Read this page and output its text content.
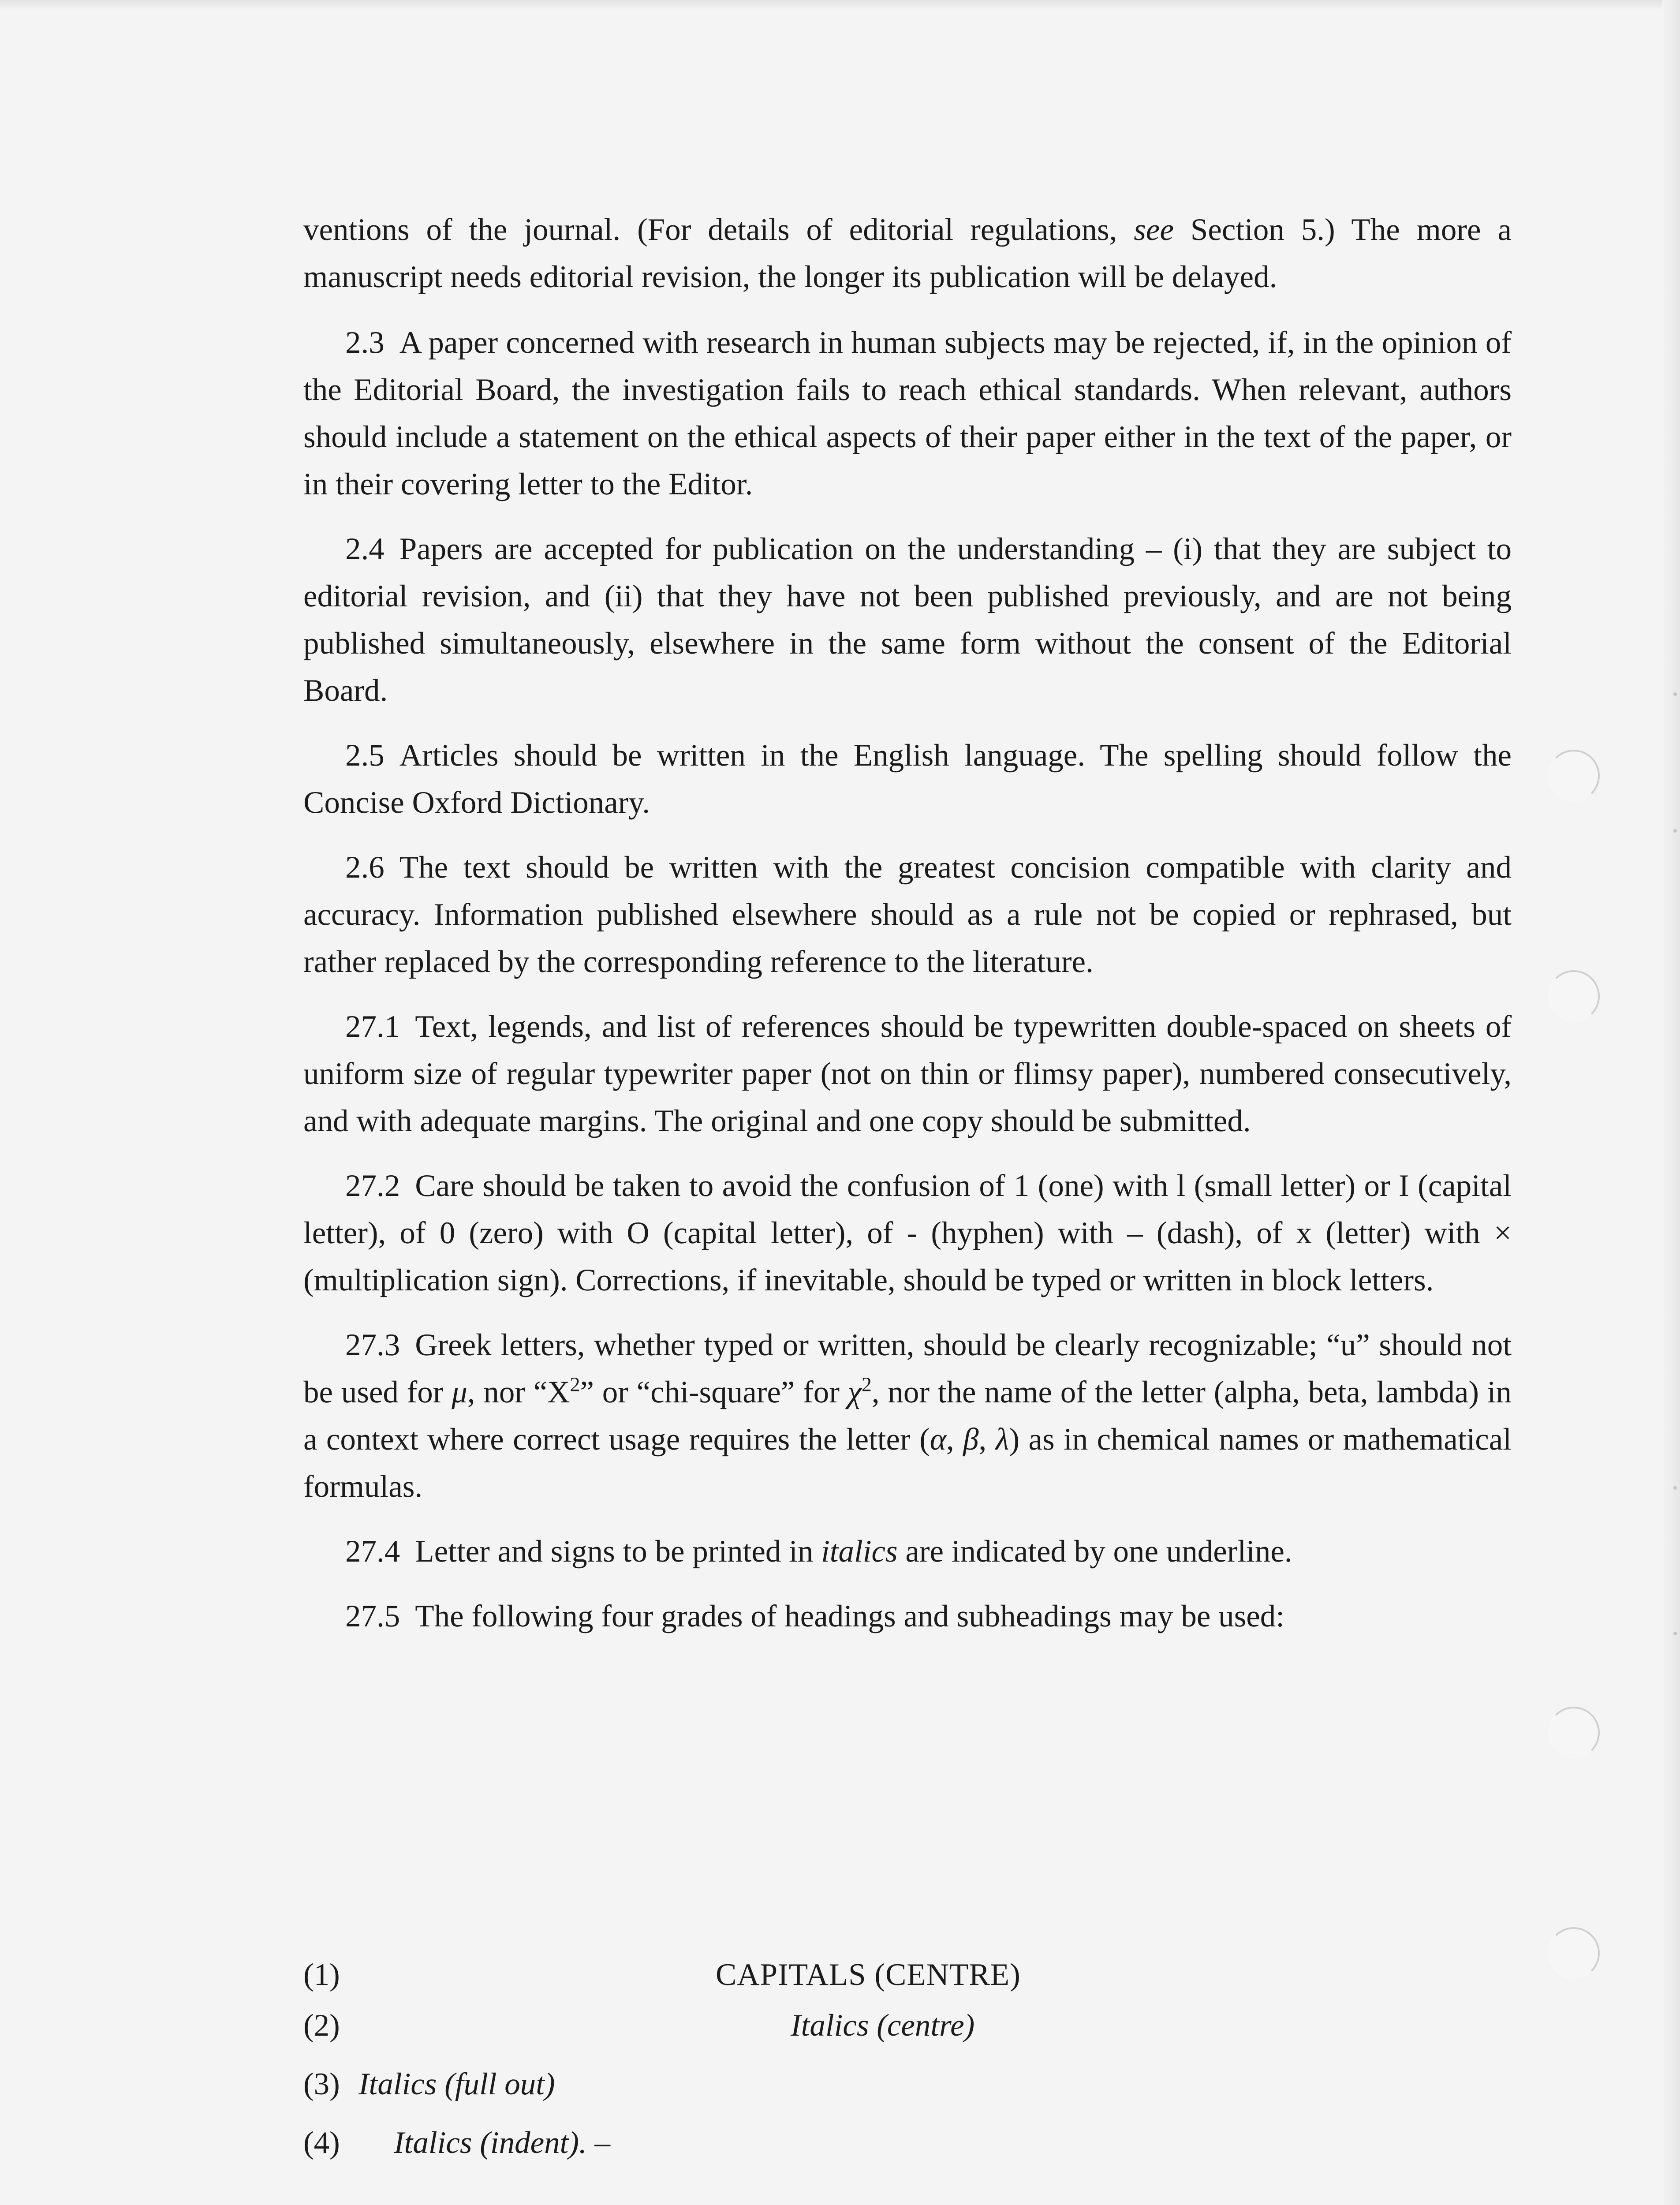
ventions of the journal. (For details of editorial regulations, see Section 5.) The more a manuscript needs editorial revision, the longer its publication will be delayed.

2.3 A paper concerned with research in human subjects may be rejected, if, in the opinion of the Editorial Board, the investigation fails to reach ethical standards. When relevant, authors should include a statement on the ethical aspects of their paper either in the text of the paper, or in their covering letter to the Editor.

2.4 Papers are accepted for publication on the understanding – (i) that they are subject to editorial revision, and (ii) that they have not been published previously, and are not being published simultaneously, elsewhere in the same form without the consent of the Editorial Board.

2.5 Articles should be written in the English language. The spelling should follow the Concise Oxford Dictionary.

2.6 The text should be written with the greatest concision compatible with clarity and accuracy. Information published elsewhere should as a rule not be copied or rephrased, but rather replaced by the corresponding reference to the literature.

27.1 Text, legends, and list of references should be typewritten double-spaced on sheets of uniform size of regular typewriter paper (not on thin or flimsy paper), numbered consecutively, and with adequate margins. The original and one copy should be submitted.

27.2 Care should be taken to avoid the confusion of 1 (one) with l (small letter) or I (capital letter), of 0 (zero) with O (capital letter), of - (hyphen) with – (dash), of x (letter) with × (multiplication sign). Corrections, if inevitable, should be typed or written in block letters.

27.3 Greek letters, whether typed or written, should be clearly recognizable; “u” should not be used for μ, nor “$X^2$” or “chi-square” for $\chi^2$, nor the name of the letter (alpha, beta, lambda) in a context where correct usage requires the letter (α, β, λ) as in chemical names or mathematical formulas.

27.4 Letter and signs to be printed in italics are indicated by one underline.

27.5 The following four grades of headings and subheadings may be used:

(1)	CAPITALS (CENTRE)
(2)	Italics (centre)
(3) Italics (full out)
(4) Italics (indent). –
